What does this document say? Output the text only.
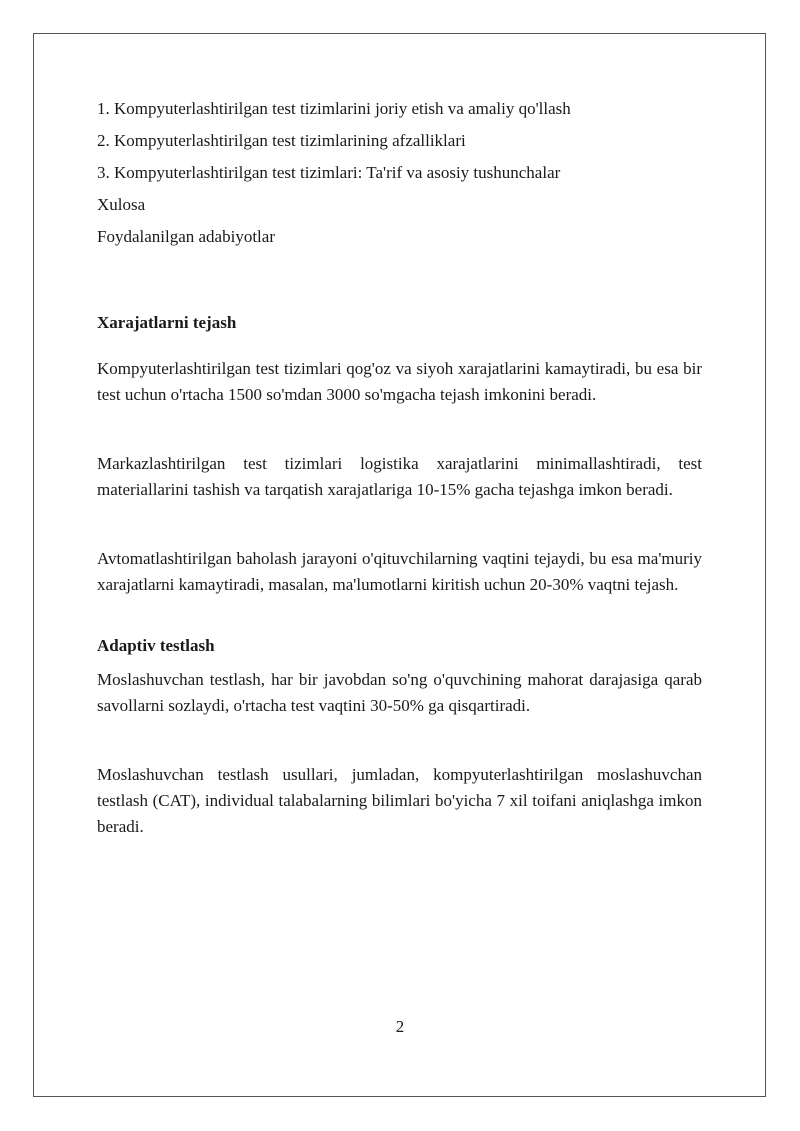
1. Kompyuterlashtirilgan test tizimlarini joriy etish va amaliy qo'llash

2. Kompyuterlashtirilgan test tizimlarining afzalliklari

3. Kompyuterlashtirilgan test tizimlari: Ta'rif va asosiy tushunchalar

Xulosa

Foydalanilgan adabiyotlar

Xarajatlarni tejash

Kompyuterlashtirilgan test tizimlari qog'oz va siyoh xarajatlarini kamaytiradi, bu esa bir test uchun o'rtacha 1500 so'mdan 3000 so'mgacha tejash imkonini beradi.

Markazlashtirilgan test tizimlari logistika xarajatlarini minimallashtiradi, test materiallarini tashish va tarqatish xarajatlariga 10-15% gacha tejashga imkon beradi.

Avtomatlashtirilgan baholash jarayoni o'qituvchilarning vaqtini tejaydi, bu esa ma'muriy xarajatlarni kamaytiradi, masalan, ma'lumotlarni kiritish uchun 20-30% vaqtni tejash.

Adaptiv testlash

Moslashuvchan testlash, har bir javobdan so'ng o'quvchining mahorat darajasiga qarab savollarni sozlaydi, o'rtacha test vaqtini 30-50% ga qisqartiradi.

Moslashuvchan testlash usullari, jumladan, kompyuterlashtirilgan moslashuvchan testlash (CAT), individual talabalarning bilimlari bo'yicha 7 xil toifani aniqlashga imkon beradi.

2
